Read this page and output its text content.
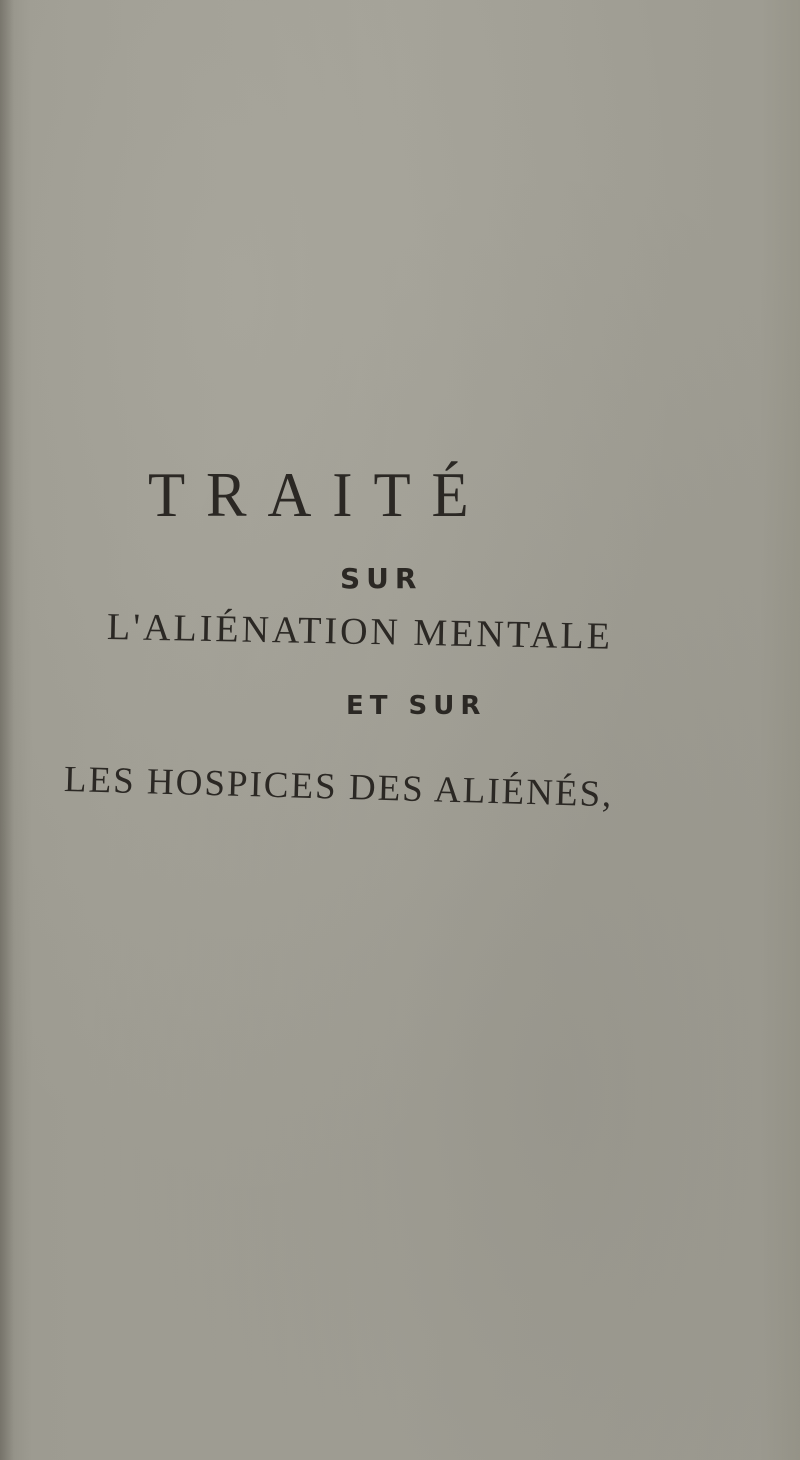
TRAITÉ
SUR
L'ALIÉNATION MENTALE
ET SUR
LES HOSPICES DES ALIÉNÉS,
